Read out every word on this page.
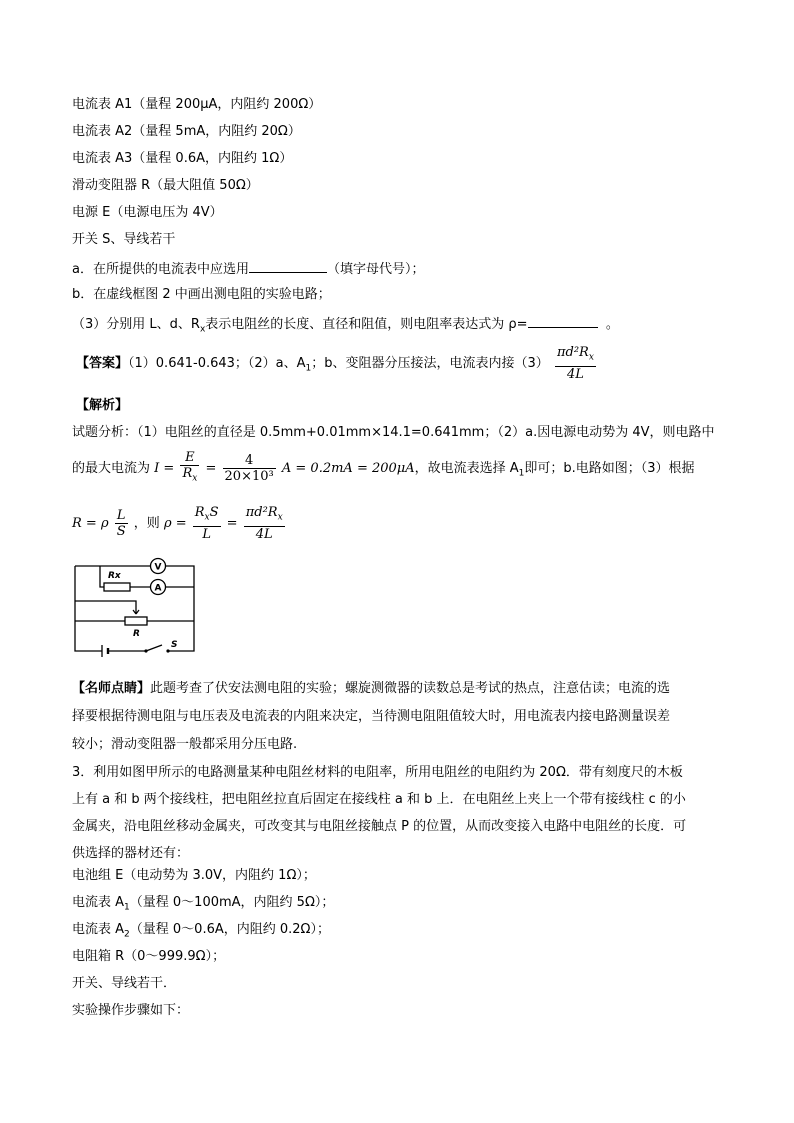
电流表 A1（量程 200μA，内阻约 200Ω）
电流表 A2（量程 5mA，内阻约 20Ω）
电流表 A3（量程 0.6A，内阻约 1Ω）
滑动变阻器 R（最大阻值 50Ω）
电源 E（电源电压为 4V）
开关 S、导线若干
a．在所提供的电流表中应选用	（填字母代号）；
b．在虚线框图 2 中画出测电阻的实验电路；
（3）分别用 L、d、$R_x$表示电阻丝的长度、直径和阻值，则电阻率表达式为 ρ=	。
【答案】（1）0.641-0.643；（2）a、$A_1$；b、变阻器分压接法，电流表内接$(3) \frac{\pi d^2R_x}{4L}$
【解析】
试题分析：（1）电阻丝的直径是 0.5mm+0.01mm×14.1=0.641mm；（2）a.因电源电动势为 4V，则电路中
的最大电流为 $I = \frac{E}{R_x} = \frac{4}{\text{20×10³}}$ A = 0.2mA = 200μA，故电流表选择 $A_1$即可；b.电路如图；（3）根据
R = ρ $\frac{L}{S}$ ，则 $\rho = \frac{R_xS}{L} = \frac{\pi d^2R_x}{4L}$
V
A
Rx
R
S
【名师点睛】此题考查了伏安法测电阻的实验；螺旋测微器的读数总是考试的热点，注意估读；电流的选
择要根据待测电阻与电压表及电流表的内阻来决定，当待测电阻阻值较大时，用电流表内接电路测量误差
较小；滑动变阻器一般都采用分压电路.
3．利用如图甲所示的电路测量某种电阻丝材料的电阻率，所用电阻丝的电阻约为 20Ω．带有刻度尺的木板
上有 a 和 b 两个接线柱，把电阻丝拉直后固定在接线柱 a 和 b 上．在电阻丝上夹上一个带有接线柱 c 的小
金属夹，沿电阻丝移动金属夹，可改变其与电阻丝接触点 P 的位置，从而改变接入电路中电阻丝的长度．可
供选择的器材还有：
电池组 E（电动势为 3.0V，内阻约 1Ω）；
电流表 $A_1$（量程 0～100mA，内阻约 5Ω）；
电流表 $A_2$（量程 0～0.6A，内阻约 0.2Ω）；
电阻箱 R（0～999.9Ω）；
开关、导线若干．
实验操作步骤如下：
